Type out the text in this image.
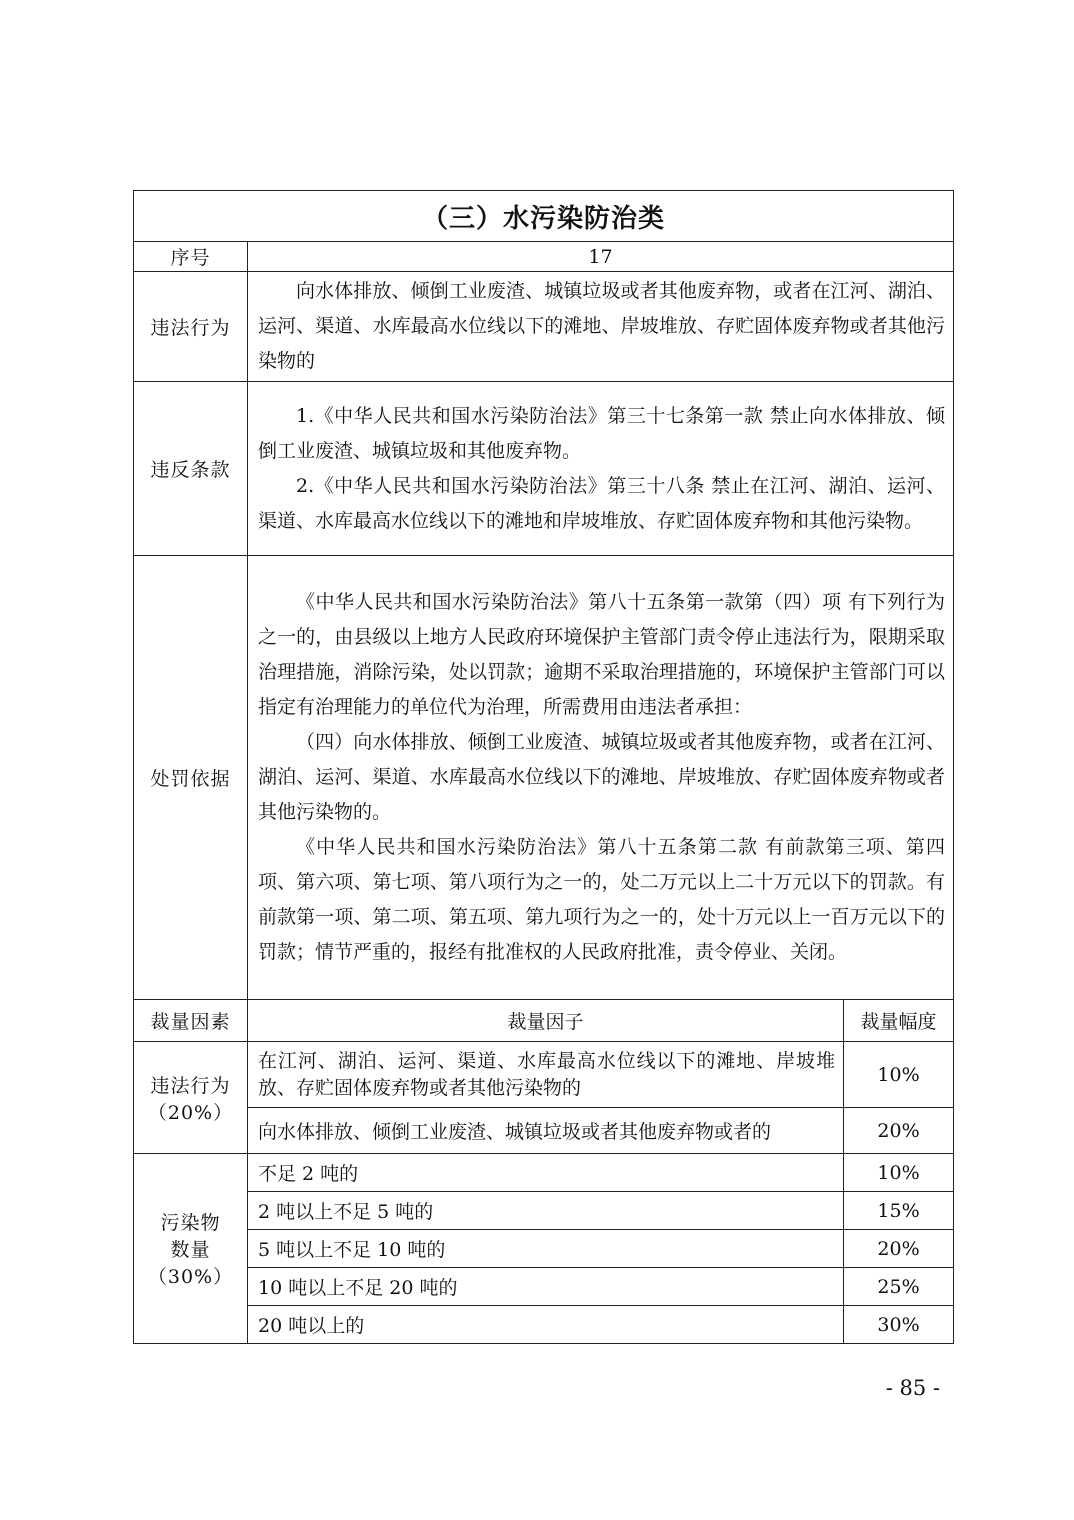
（三）水污染防治类		
序号	17	
违法行为	向水体排放、倾倒工业废渣、城镇垃圾或者其他废弃物，或者在江河、湖泊、运河、渠道、水库最高水位线以下的滩地、岸坡堆放、存贮固体废弃物或者其他污染物的	

违反条款	1.《中华人民共和国水污染防治法》第三十七条第一款 禁止向水体排放、倾倒工业废渣、城镇垃圾和其他废弃物。

2.《中华人民共和国水污染防治法》第三十八条 禁止在江河、湖泊、运河、渠道、水库最高水位线以下的滩地和岸坡堆放、存贮固体废弃物和其他污染物。	

处罚依据	《中华人民共和国水污染防治法》第八十五条第一款第（四）项 有下列行为之一的，由县级以上地方人民政府环境保护主管部门责令停止违法行为，限期采取治理措施，消除污染，处以罚款；逾期不采取治理措施的，环境保护主管部门可以指定有治理能力的单位代为治理，所需费用由违法者承担：

（四）向水体排放、倾倒工业废渣、城镇垃圾或者其他废弃物，或者在江河、湖泊、运河、渠道、水库最高水位线以下的滩地、岸坡堆放、存贮固体废弃物或者其他污染物的。

《中华人民共和国水污染防治法》第八十五条第二款 有前款第三项、第四项、第六项、第七项、第八项行为之一的，处二万元以上二十万元以下的罚款。有前款第一项、第二项、第五项、第九项行为之一的，处十万元以上一百万元以下的罚款；情节严重的，报经有批准权的人民政府批准，责令停业、关闭。	

裁量因素	裁量因子	裁量幅度

违法行为
（20%）	在江河、湖泊、运河、渠道、水库最高水位线以下的滩地、岸坡堆放、存贮固体废弃物或者其他污染物的	10%
	向水体排放、倾倒工业废渣、城镇垃圾或者其他废弃物或者的	20%

污染物
数量
（30%）	不足 2 吨的	10%
	2 吨以上不足 5 吨的	15%
	5 吨以上不足 10 吨的	20%
	10 吨以上不足 20 吨的	25%
	20 吨以上的	30%
- 85 -
